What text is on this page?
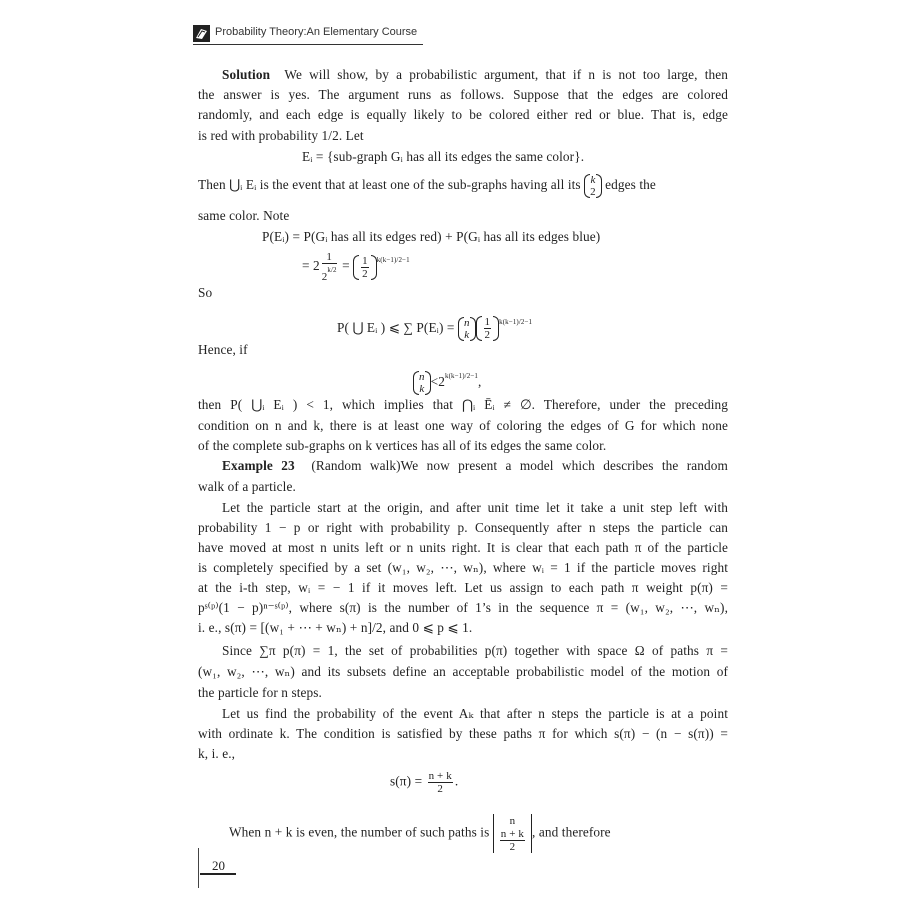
Probability Theory:An Elementary Course
Solution We will show, by a probabilistic argument, that if n is not too large, then
the answer is yes. The argument runs as follows. Suppose that the edges are colored
randomly, and each edge is equally likely to be colored either red or blue. That is, edge
is red with probability 1/2. Let
Eᵢ = {sub-graph Gᵢ has all its edges the same color}.
Then ⋃ᵢ Eᵢ is the event that at least one of the sub-graphs having all its k
2 edges the
same color. Note
P(Eᵢ) = P(Gᵢ has all its edges red) + P(Gᵢ has all its edges blue)
= $2 \frac{1}{2^{k/2}} = 1$
2
$^{k(k-1)/2-1}$
So
P( ⋃ Eᵢ ) ⩽ ∑ P(Eᵢ) = n
k
1
2
$^{k(k-1)/2-1}$
Hence, if
n
$k <2^{k(k-1)/2-1}$,
then P( ⋃ᵢ Eᵢ ) < 1, which implies that ⋂ᵢ Ēᵢ ≠ ∅. Therefore, under the preceding
condition on n and k, there is at least one way of coloring the edges of G for which none
of the complete sub-graphs on k vertices has all of its edges the same color.
Example 23 (Random walk)We now present a model which describes the random
walk of a particle.
Let the particle start at the origin, and after unit time let it take a unit step left with
probability 1 − p or right with probability p. Consequently after n steps the particle can
have moved at most n units left or n units right. It is clear that each path π of the particle
is completely specified by a set (w₁, w₂, ⋯, wₙ), where wᵢ = 1 if the particle moves right
at the i-th step, wᵢ = − 1 if it moves left. Let us assign to each path π weight p(π) =
pˢ⁽ᵖ⁾(1 − p)ⁿ⁻ˢ⁽ᵖ⁾, where s(π) is the number of 1’s in the sequence π = (w₁, w₂, ⋯, wₙ),
i. e., s(π) = [(w₁ + ⋯ + wₙ) + n]/2, and 0 ⩽ p ⩽ 1.
Since ∑π p(π) = 1, the set of probabilities p(π) together with space Ω of paths π =
(w₁, w₂, ⋯, wₙ) and its subsets define an acceptable probabilistic model of the motion of
the particle for n steps.
Let us find the probability of the event Aₖ that after n steps the particle is at a point
with ordinate k. The condition is satisfied by these paths π for which s(π) − (n − s(π)) =
k, i. e.,
$s(\pi) = \frac{n + k}{2}$ .
When n + k is even, the number of such paths is
n
$\frac{n + k}{2}$ , and therefore
20
